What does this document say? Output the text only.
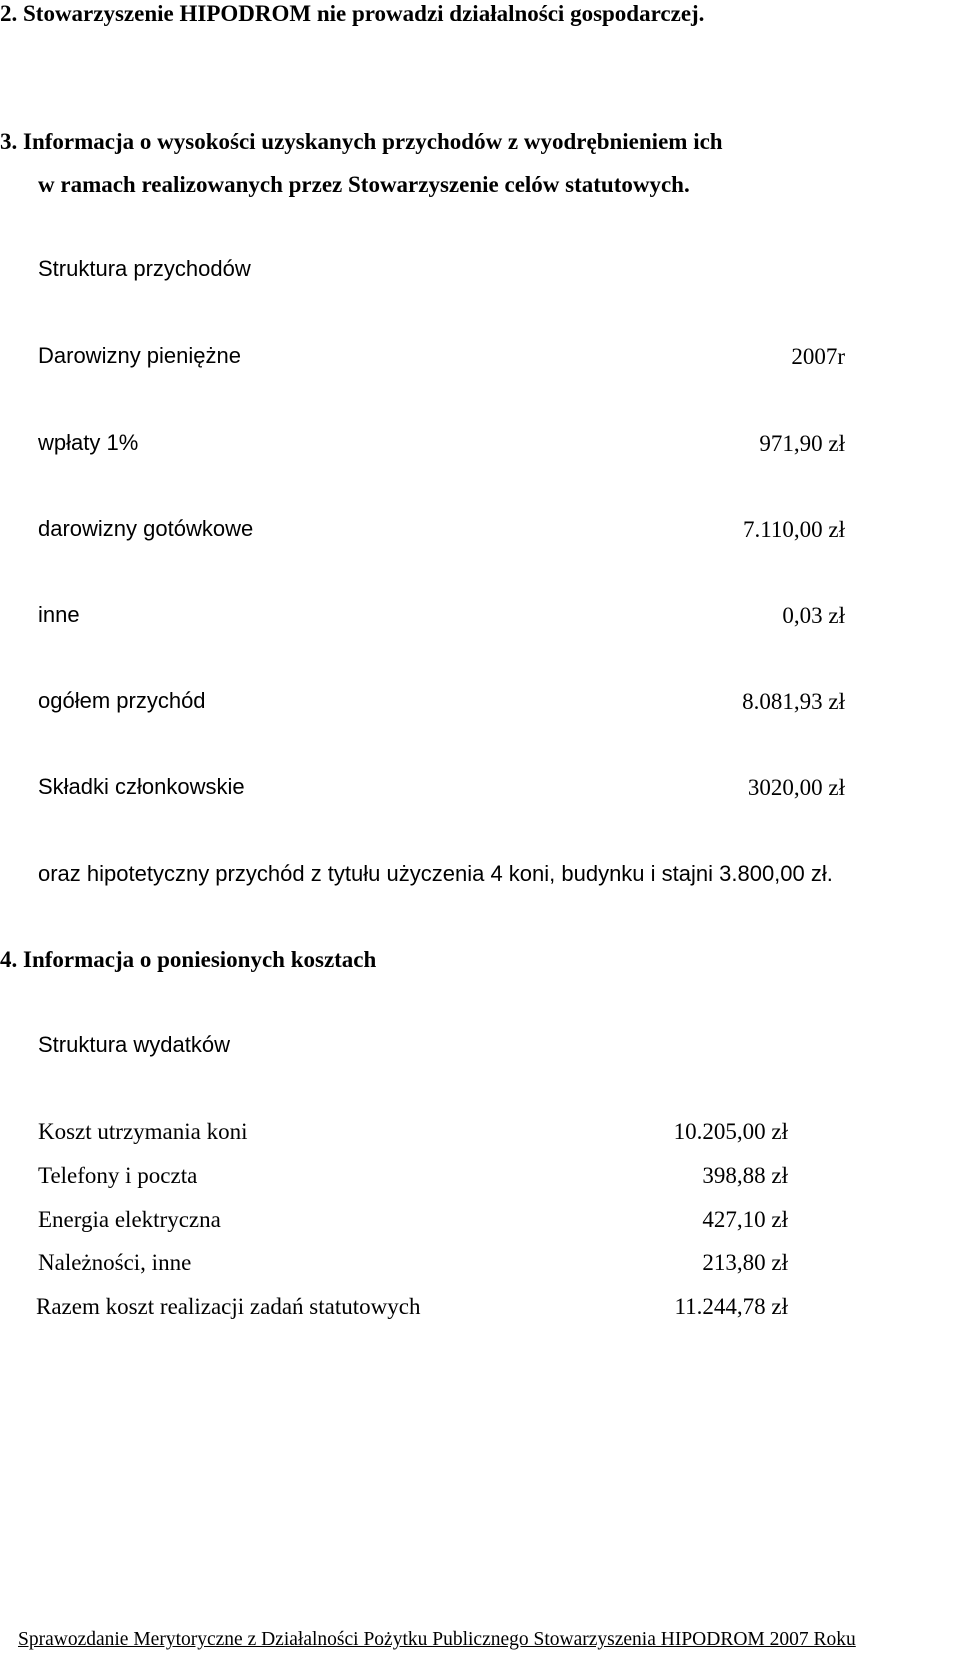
2. Stowarzyszenie HIPODROM nie prowadzi działalności gospodarczej.
3. Informacja o wysokości uzyskanych przychodów z wyodrębnieniem ich
w ramach realizowanych przez Stowarzyszenie celów statutowych.
Struktura przychodów
Darowizny pieniężne	2007r
wpłaty 1%	971,90 zł
darowizny gotówkowe	7.110,00 zł
inne	0,03 zł
ogółem przychód	8.081,93 zł
Składki członkowskie	3020,00 zł
oraz hipotetyczny przychód z tytułu użyczenia 4 koni, budynku i stajni 3.800,00 zł.
4. Informacja o poniesionych kosztach
Struktura wydatków
Koszt utrzymania koni	10.205,00 zł
Telefony i poczta	398,88 zł
Energia elektryczna	427,10 zł
Należności, inne	213,80 zł
Razem koszt realizacji zadań statutowych	11.244,78 zł
Sprawozdanie Merytoryczne z Działalności Pożytku Publicznego Stowarzyszenia HIPODROM 2007 Roku
